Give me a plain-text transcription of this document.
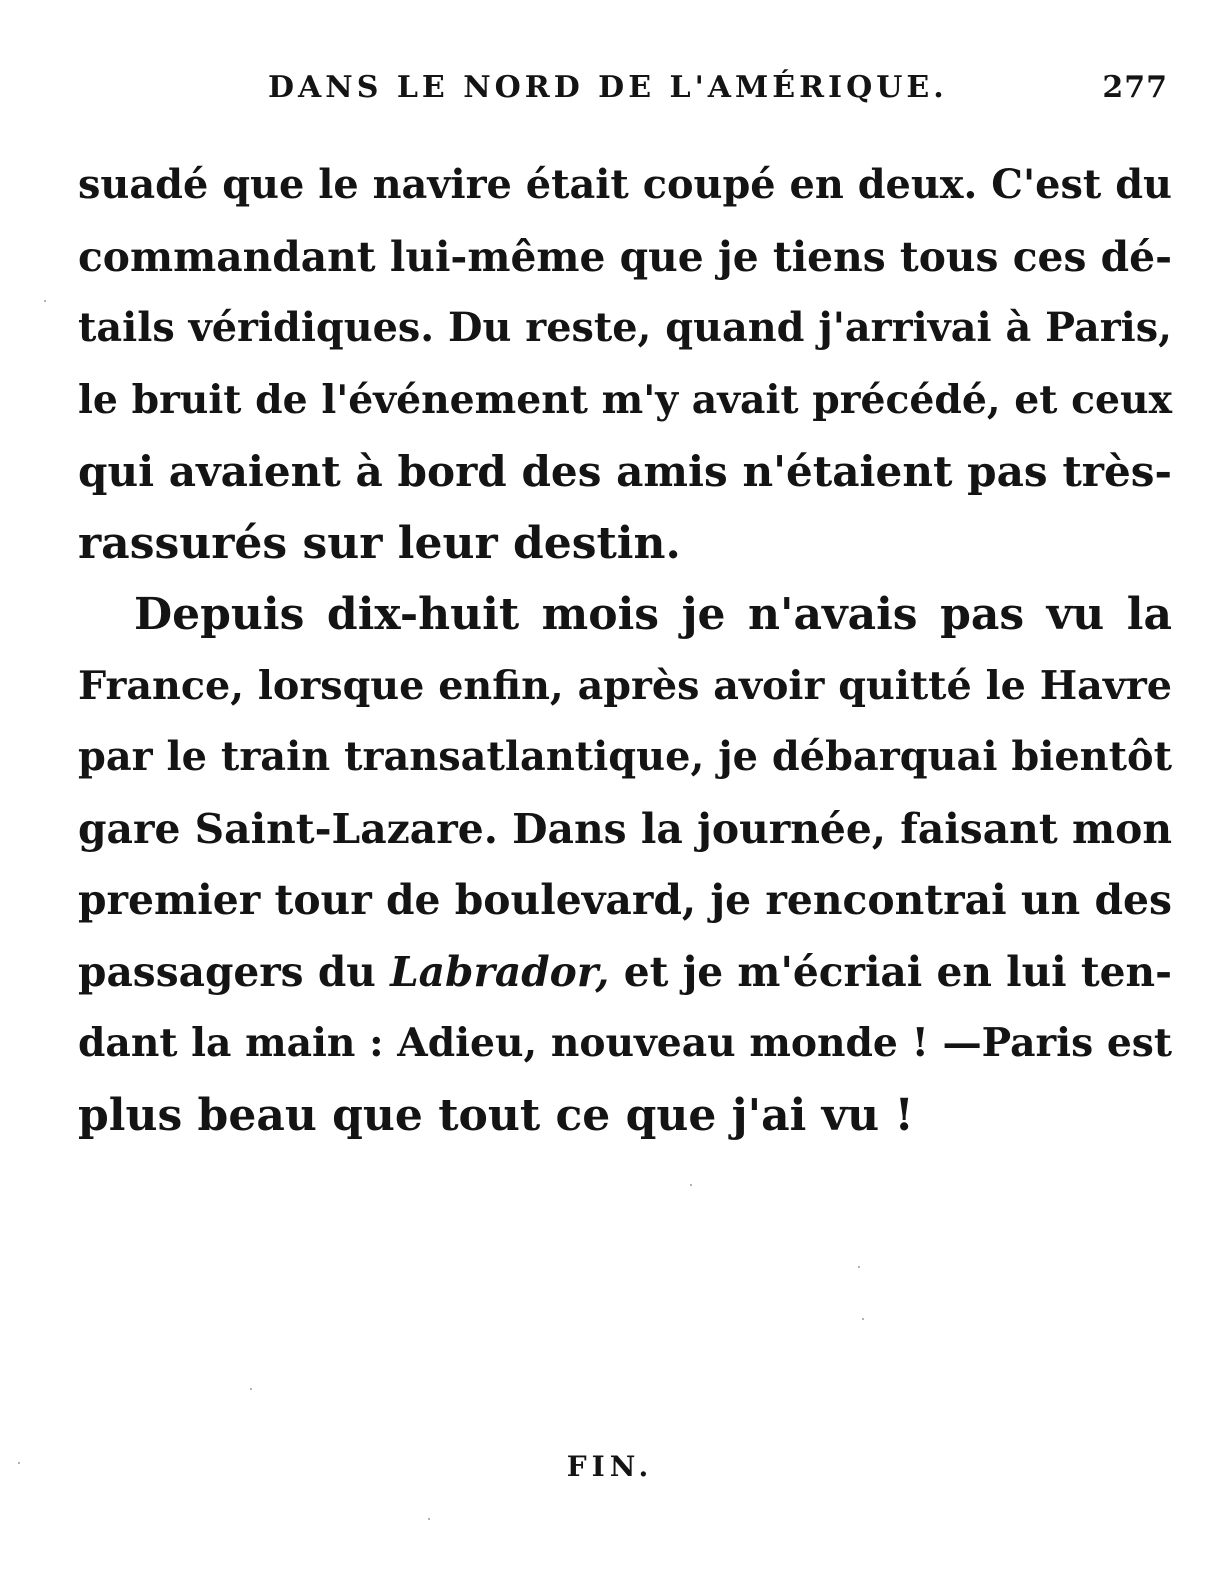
DANS LE NORD DE L'AMÉRIQUE.	277
suadé que le navire était coupé en deux. C'est du
commandant lui-même que je tiens tous ces dé-
tails véridiques. Du reste, quand j'arrivai à Paris,
le bruit de l'événement m'y avait précédé, et ceux
qui avaient à bord des amis n'étaient pas très-
rassurés sur leur destin.
Depuis dix-huit mois je n'avais pas vu la
France, lorsque enfin, après avoir quitté le Havre
par le train transatlantique, je débarquai bientôt
gare Saint-Lazare. Dans la journée, faisant mon
premier tour de boulevard, je rencontrai un des
passagers du Labrador, et je m'écriai en lui ten-
dant la main : Adieu, nouveau monde ! —Paris est
plus beau que tout ce que j'ai vu !
FIN.
